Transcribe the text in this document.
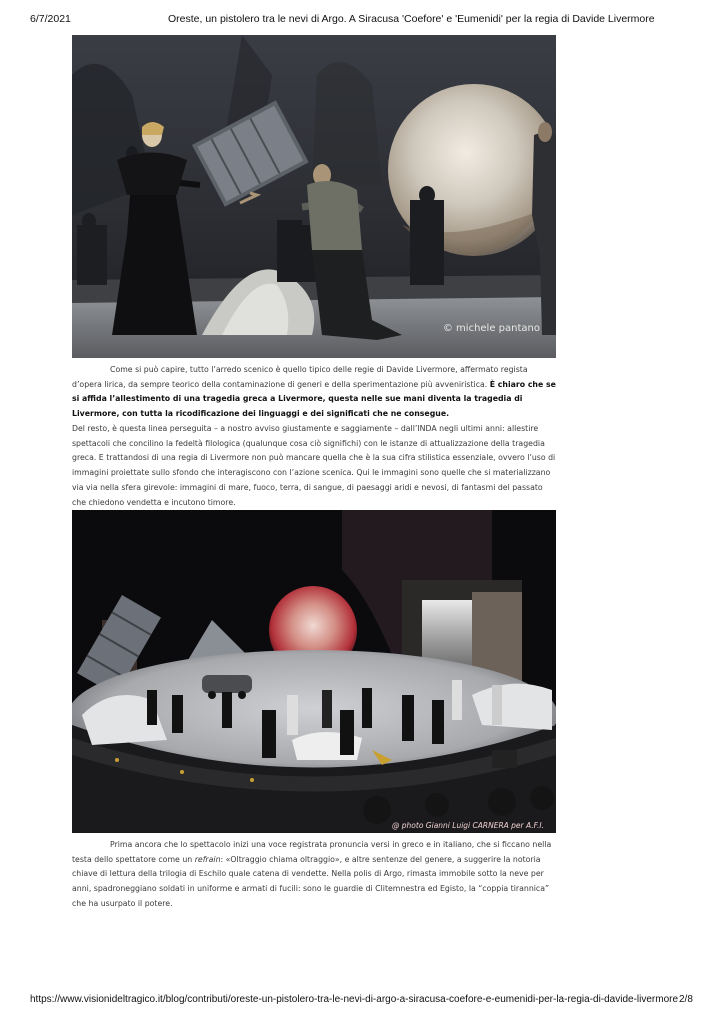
6/7/2021	Oreste, un pistolero tra le nevi di Argo. A Siracusa 'Coefore' e 'Eumenidi' per la regia di Davide Livermore
© michele pantano

Come si può capire, tutto l’arredo scenico è quello tipico delle regie di Davide Livermore, affermato regista d’opera lirica, da sempre teorico della contaminazione di generi e della sperimentazione più avveniristica. È chiaro che se si affida l’allestimento di una tragedia greca a Livermore, questa nelle sue mani diventa la tragedia di Livermore, con tutta la ricodificazione dei linguaggi e dei significati che ne consegue.

Del resto, è questa linea perseguita – a nostro avviso giustamente e saggiamente – dall’INDA negli ultimi anni: allestire spettacoli che concilino la fedeltà filologica (qualunque cosa ciò significhi) con le istanze di attualizzazione della tragedia greca. E trattandosi di una regia di Livermore non può mancare quella che è la sua cifra stilistica essenziale, ovvero l’uso di immagini proiettate sullo sfondo che interagiscono con l’azione scenica. Qui le immagini sono quelle che si materializzano via via nella sfera girevole: immagini di mare, fuoco, terra, di sangue, di paesaggi aridi e nevosi, di fantasmi del passato che chiedono vendetta e incutono timore.

@ photo Gianni Luigi CARNERA per A.F.I.

Prima ancora che lo spettacolo inizi una voce registrata pronuncia versi in greco e in italiano, che si ficcano nella testa dello spettatore come un refrain: «Oltraggio chiama oltraggio», e altre sentenze del genere, a suggerire la notoria chiave di lettura della trilogia di Eschilo quale catena di vendette. Nella polis di Argo, rimasta immobile sotto la neve per anni, spadroneggiano soldati in uniforme e armati di fucili: sono le guardie di Clitemnestra ed Egisto, la “coppia tirannica” che ha usurpato il potere.

https://www.visionideltragico.it/blog/contributi/oreste-un-pistolero-tra-le-nevi-di-argo-a-siracusa-coefore-e-eumenidi-per-la-regia-di-davide-livermore 2/8
